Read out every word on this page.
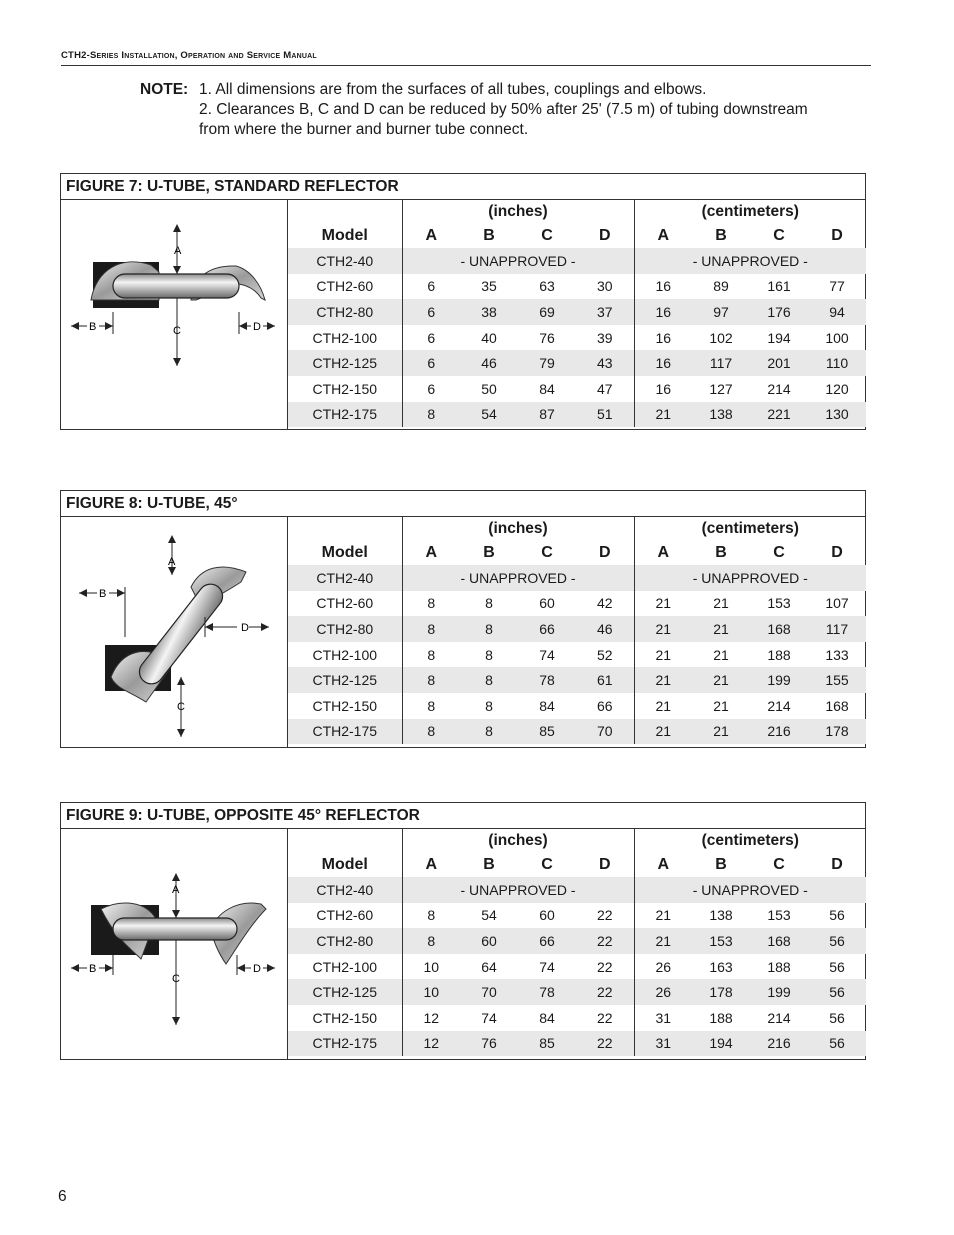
CTH2-Series Installation, Operation and Service Manual
NOTE: 1. All dimensions are from the surfaces of all tubes, couplings and elbows.
2. Clearances B, C and D can be reduced by 50% after 25' (7.5 m) of tubing downstream
from where the burner and burner tube connect.
FIGURE 7: U-TUBE, STANDARD REFLECTOR
A
B	C	D
	(inches)				(centimeters)			
Model	A	B	C	D	A	B	C	D
CTH2-40	- UNAPPROVED -				- UNAPPROVED -			
CTH2-60	6	35	63	30	16	89	161	77
CTH2-80	6	38	69	37	16	97	176	94
CTH2-100	6	40	76	39	16	102	194	100
CTH2-125	6	46	79	43	16	117	201	110
CTH2-150	6	50	84	47	16	127	214	120
CTH2-175	8	54	87	51	21	138	221	130
FIGURE 8: U-TUBE, 45°
A
B
C
D
	(inches)				(centimeters)			
Model	A	B	C	D	A	B	C	D
CTH2-40	- UNAPPROVED -				- UNAPPROVED -			
CTH2-60	8	8	60	42	21	21	153	107
CTH2-80	8	8	66	46	21	21	168	117
CTH2-100	8	8	74	52	21	21	188	133
CTH2-125	8	8	78	61	21	21	199	155
CTH2-150	8	8	84	66	21	21	214	168
CTH2-175	8	8	85	70	21	21	216	178
FIGURE 9: U-TUBE, OPPOSITE 45° REFLECTOR
A
B
C
D
	(inches)				(centimeters)			
Model	A	B	C	D	A	B	C	D
CTH2-40	- UNAPPROVED -				- UNAPPROVED -			
CTH2-60	8	54	60	22	21	138	153	56
CTH2-80	8	60	66	22	21	153	168	56
CTH2-100	10	64	74	22	26	163	188	56
CTH2-125	10	70	78	22	26	178	199	56
CTH2-150	12	74	84	22	31	188	214	56
CTH2-175	12	76	85	22	31	194	216	56
6
